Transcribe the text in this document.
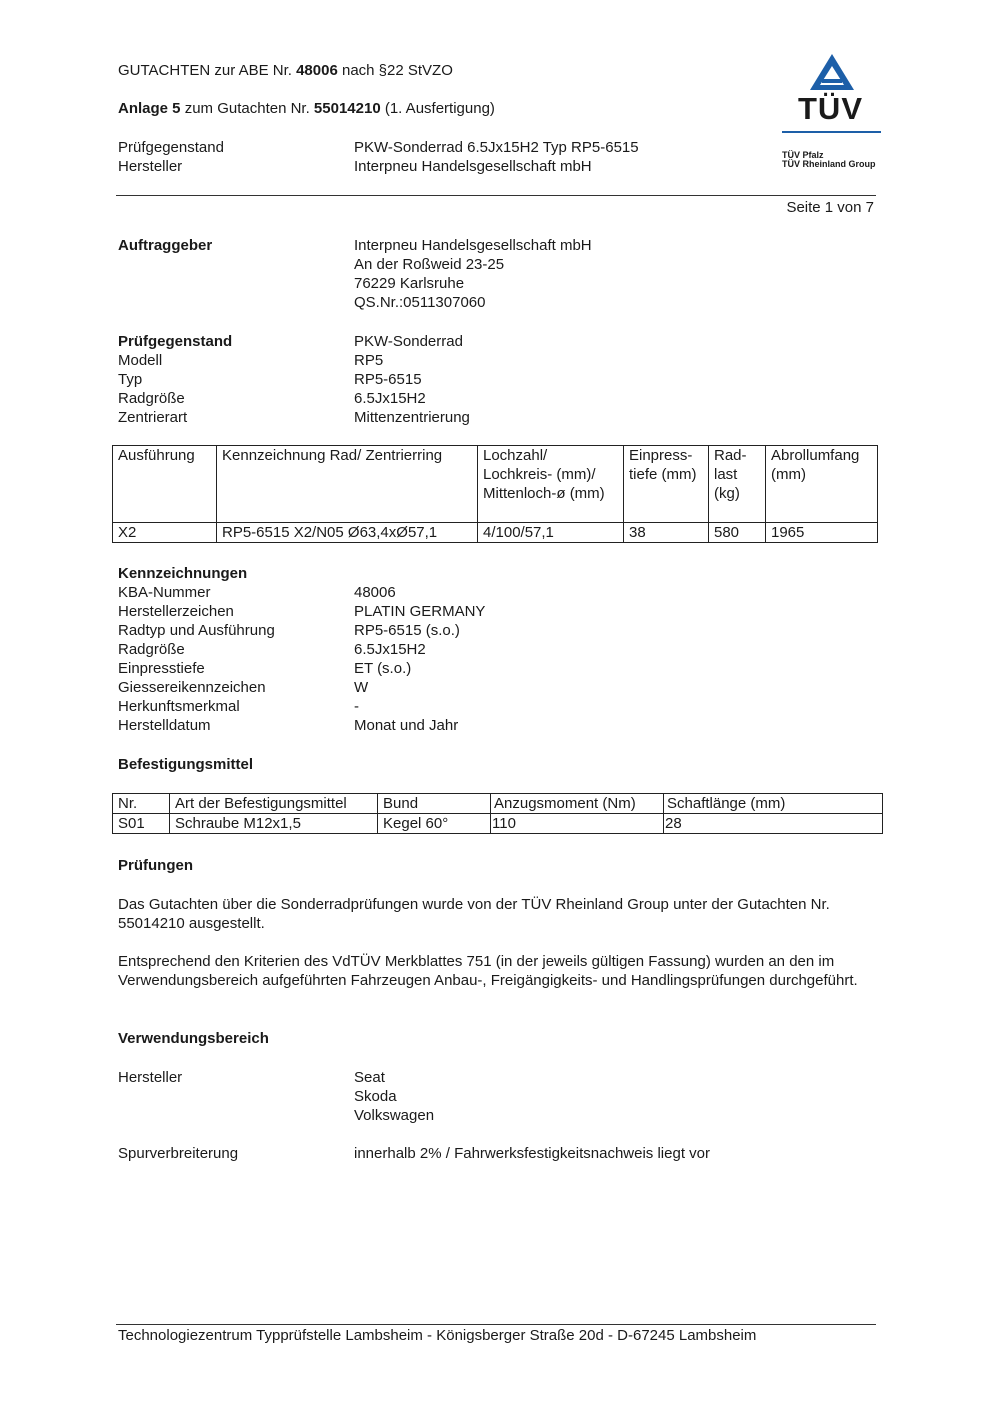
GUTACHTEN zur ABE Nr. 48006 nach §22 StVZO
Anlage 5 zum Gutachten Nr. 55014210 (1. Ausfertigung)
Prüfgegenstand	PKW-Sonderrad 6.5Jx15H2 Typ RP5-6515
Hersteller	Interpneu Handelsgesellschaft mbH
TÜV
TÜV Pfalz
TÜV Rheinland Group
Seite 1 von 7
Auftraggeber	Interpneu Handelsgesellschaft mbH
An der Roßweid 23-25
76229 Karlsruhe
QS.Nr.:0511307060
Prüfgegenstand	PKW-Sonderrad
Modell	RP5
Typ	RP5-6515
Radgröße	6.5Jx15H2
Zentrierart	Mittenzentrierung
Ausführung	Kennzeichnung Rad/ Zentrierring	Lochzahl/ Lochkreis- (mm)/ Mittenloch-ø (mm)	Einpress- tiefe (mm)	Rad- last (kg)	Abrollumfang (mm)
X2	RP5-6515 X2/N05 Ø63,4xØ57,1	4/100/57,1	38	580	1965
Kennzeichnungen
KBA-Nummer	48006
Herstellerzeichen	PLATIN GERMANY
Radtyp und Ausführung	RP5-6515 (s.o.)
Radgröße	6.5Jx15H2
Einpresstiefe	ET (s.o.)
Giessereikennzeichen	W
Herkunftsmerkmal	-
Herstelldatum	Monat und Jahr
Befestigungsmittel
Nr.	Art der Befestigungsmittel	Bund	Anzugsmoment (Nm)	Schaftlänge (mm)
S01	Schraube M12x1,5	Kegel 60°	110	28
Prüfungen
Das Gutachten über die Sonderradprüfungen wurde von der TÜV Rheinland Group unter der Gutachten Nr. 55014210 ausgestellt.
Entsprechend den Kriterien des VdTÜV Merkblattes 751 (in der jeweils gültigen Fassung) wurden an den im Verwendungsbereich aufgeführten Fahrzeugen Anbau-, Freigängigkeits- und Handlingsprüfungen durchgeführt.
Verwendungsbereich
Hersteller	Seat
Skoda
Volkswagen
Spurverbreiterung	innerhalb 2% / Fahrwerksfestigkeitsnachweis liegt vor
Technologiezentrum Typprüfstelle Lambsheim - Königsberger Straße 20d - D-67245 Lambsheim
